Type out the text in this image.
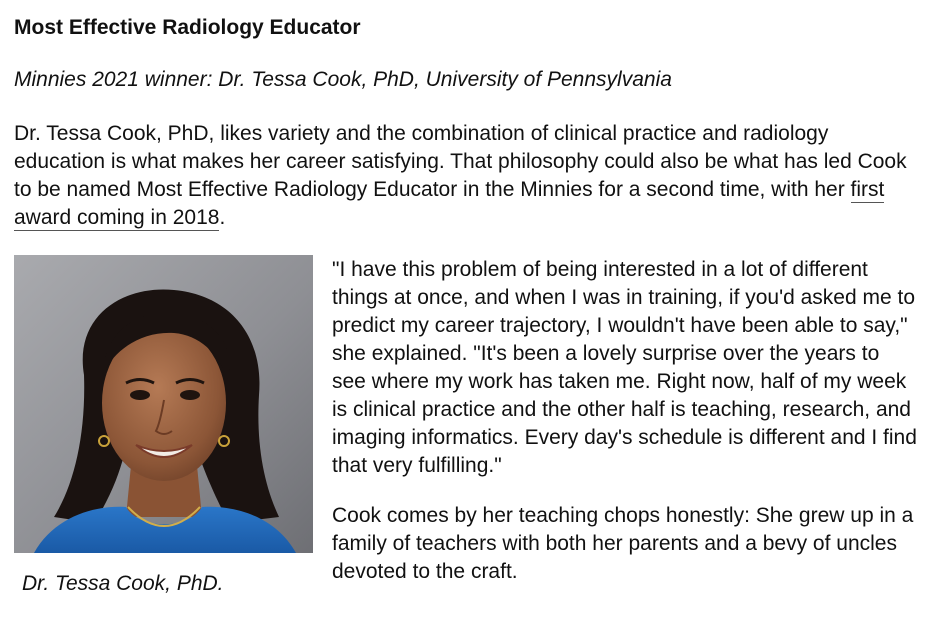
Most Effective Radiology Educator

Minnies 2021 winner: Dr. Tessa Cook, PhD, University of Pennsylvania

Dr. Tessa Cook, PhD, likes variety and the combination of clinical practice and radiology education is what makes her career satisfying. That philosophy could also be what has led Cook to be named Most Effective Radiology Educator in the Minnies for a second time, with her first award coming in 2018.

Dr. Tessa Cook, PhD.

"I have this problem of being interested in a lot of different things at once, and when I was in training, if you'd asked me to predict my career trajectory, I wouldn't have been able to say," she explained. "It's been a lovely surprise over the years to see where my work has taken me. Right now, half of my week is clinical practice and the other half is teaching, research, and imaging informatics. Every day's schedule is different and I find that very fulfilling."

Cook comes by her teaching chops honestly: She grew up in a family of teachers with both her parents and a bevy of uncles devoted to the craft.
